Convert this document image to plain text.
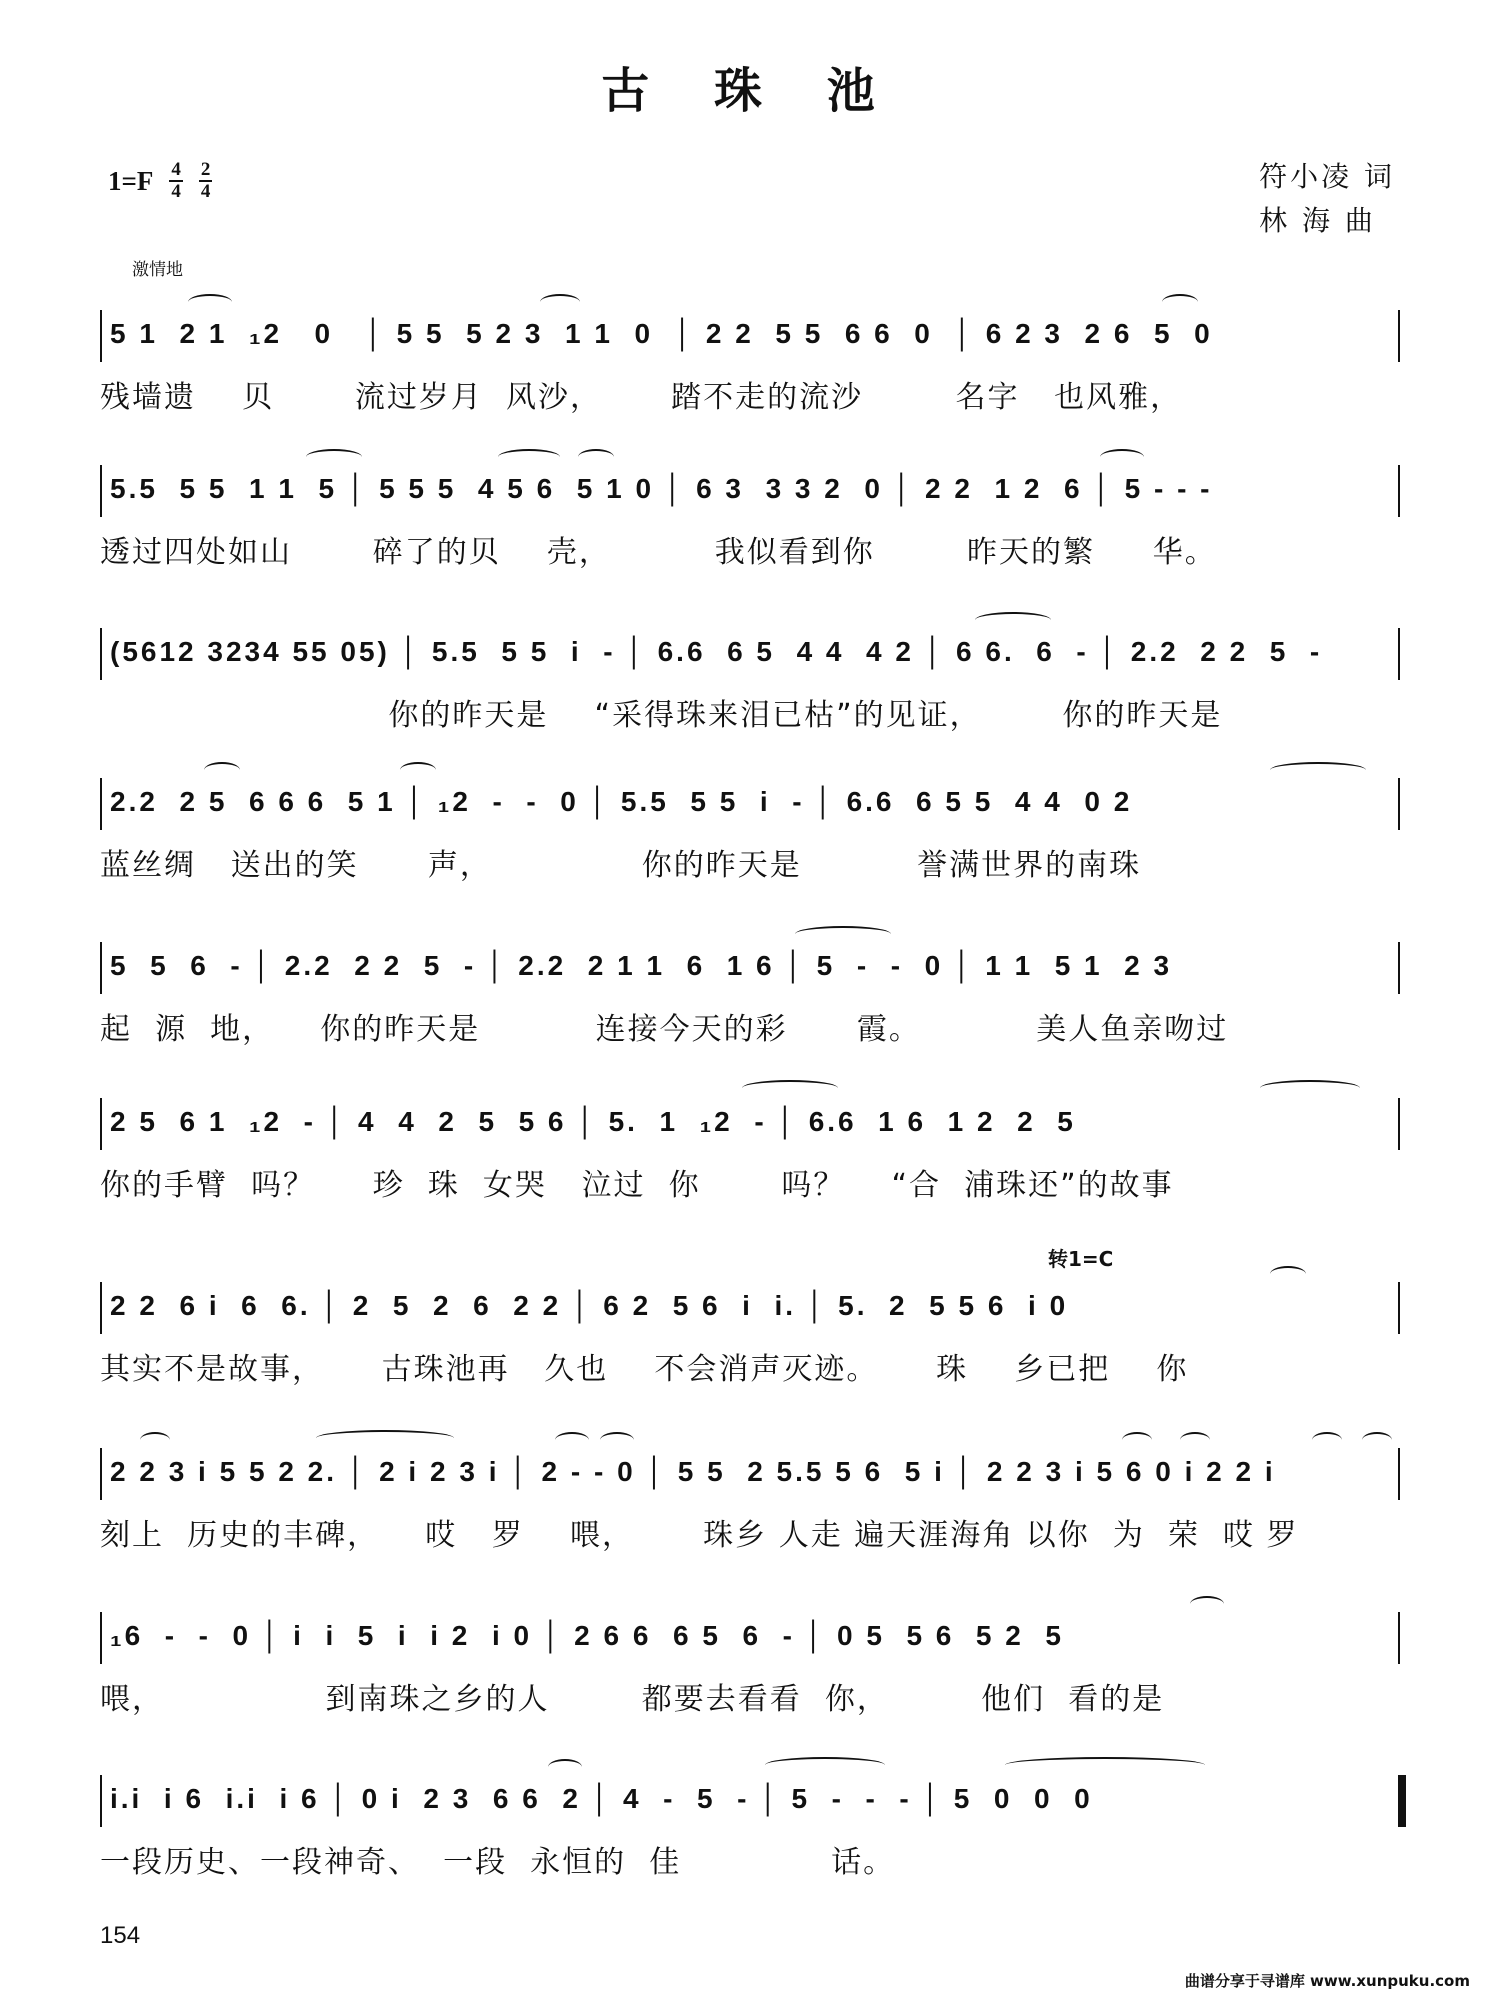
古 珠 池
$1=F \frac{4}{4} \frac{2}{4}$	符小凌 词
林 海 曲
激情地
转1=C
5 1  2 1  ₁2   0   │ 5 5  5 2 3  1 1  0  │ 2 2  5 5  6 6  0  │ 6 2 3  2 6  5  0
残墙遗    贝       流过岁月  风沙，      踏不走的流沙        名字   也风雅，
5.5  5 5  1 1  5 │ 5 5 5  4 5 6  5 1 0 │ 6 3  3 3 2  0 │ 2 2  1 2  6 │ 5 - - -
透过四处如山       碎了的贝    壳，         我似看到你        昨天的繁     华。
(5612 3234 55 05) │ 5.5  5 5  i  - │ 6.6  6 5  4 4  4 2 │ 6 6.  6  - │ 2.2  2 2  5  -
你的昨天是    “采得珠来泪已枯”的见证，       你的昨天是
2.2  2 5  6 6 6  5 1 │ ₁2  -  -  0 │ 5.5  5 5  i  - │ 6.6  6 5 5  4 4  0 2
蓝丝绸   送出的笑      声，             你的昨天是          誉满世界的南珠
5  5  6  - │ 2.2  2 2  5  - │ 2.2  2 1 1  6  1 6 │ 5  -  -  0 │ 1 1  5 1  2 3
起  源  地，    你的昨天是          连接今天的彩      霞。          美人鱼亲吻过
2 5  6 1  ₁2  - │ 4  4  2  5  5 6 │ 5.  1  ₁2  - │ 6.6  1 6  1 2  2  5
你的手臂  吗？     珍  珠  女哭   泣过  你       吗？    “合  浦珠还”的故事
2 2  6 i  6  6. │ 2  5  2  6  2 2 │ 6 2  5 6  i  i. │ 5.  2  5 5 6  i 0
其实不是故事，     古珠池再   久也    不会消声灭迹。     珠    乡已把    你
2 2 3 i 5 5 2 2. │ 2 i 2 3 i │ 2 - - 0 │ 5 5  2 5.5 5 6  5 i │ 2 2 3 i 5 6 0 i 2 2 i
刻上  历史的丰碑，    哎   罗    喂，      珠乡 人走 遍天涯海角 以你  为  荣  哎 罗
₁6  -  -  0 │ i  i  5  i  i 2  i 0 │ 2 6 6  6 5  6  - │ 0 5  5 6  5 2  5
喂，              到南珠之乡的人        都要去看看  你，        他们  看的是
i.i  i 6  i.i  i 6 │ 0 i  2 3  6 6  2 │ 4  -  5  - │ 5  -  -  - │ 5  0  0  0
一段历史、一段神奇、  一段  永恒的  佳             话。
154
曲谱分享于寻谱库 www.xunpuku.com
